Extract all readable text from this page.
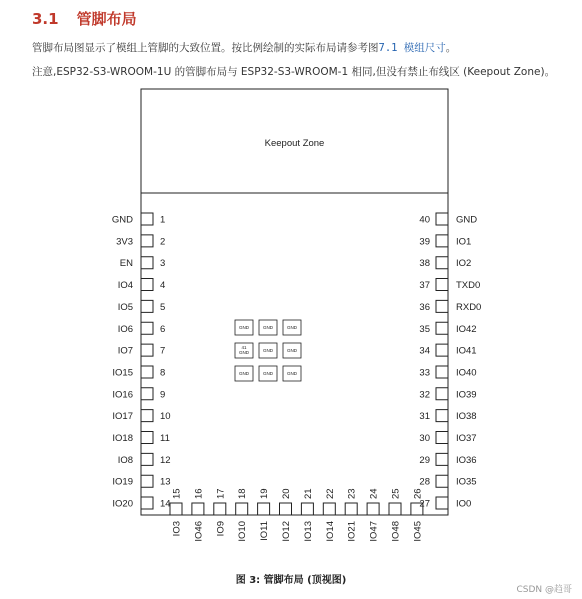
3.1 管脚布局
管脚布局图显示了模组上管脚的大致位置。按比例绘制的实际布局请参考图7.1 模组尺寸。
注意,ESP32-S3-WROOM-1U 的管脚布局与 ESP32-S3-WROOM-1 相同,但没有禁止布线区 (Keepout Zone)。
Keepout Zone
GND	1
3V3	2
EN	3
IO4	4
IO5	5
IO6	6
IO7	7
IO15	8
IO16	9
IO17	10
IO18	11
IO8	12
IO19	13
IO20	14
GND
40
IO1
39
IO2
38
TXD0
37
RXD0
36
IO42
35
IO41
34
IO40
33
IO39
32
IO38
31
IO37
30
IO36
29
IO35
28
IO0
27
15
IO3
16
IO46
17
IO9
18
IO10
19
IO11
20
IO12
21
IO13
22
IO14
23
IO21
24
IO47
25
IO48
26
IO45
GND	GND	GND
41
GND	GND	GND
GND	GND	GND
图 3: 管脚布局 (顶视图)
CSDN @趋哥
